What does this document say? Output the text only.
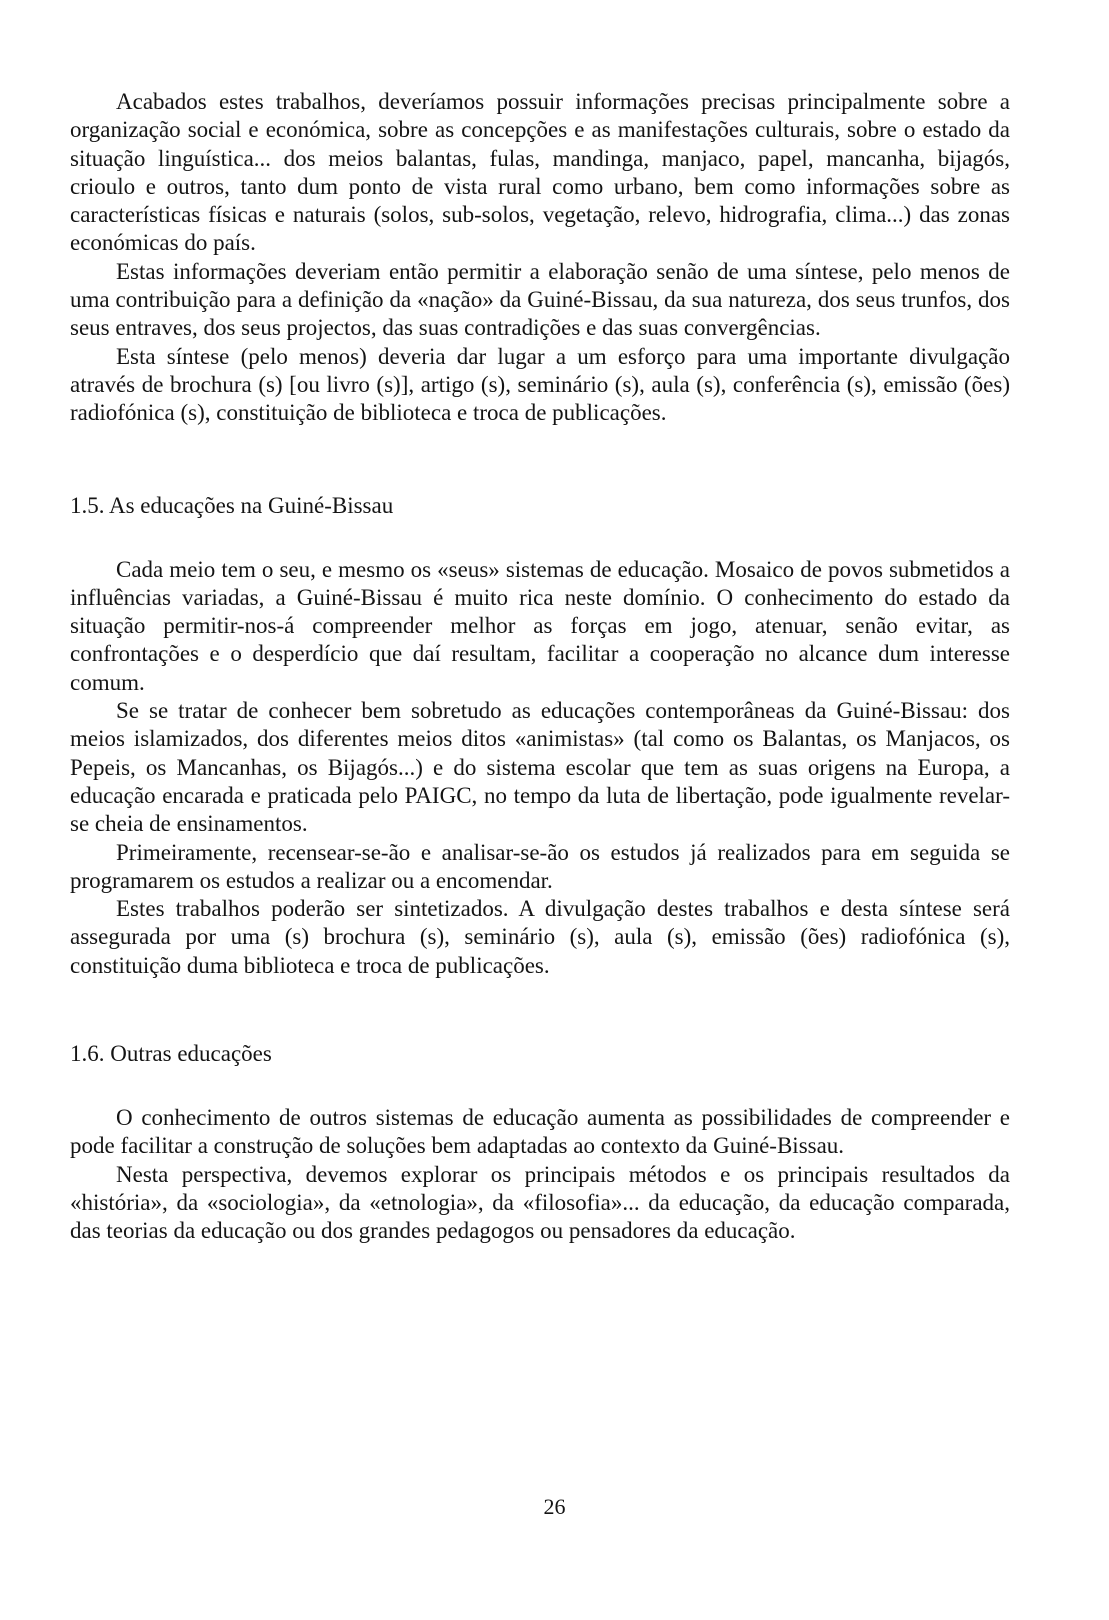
Acabados estes trabalhos, deveríamos possuir informações precisas principalmente sobre a organização social e económica, sobre as concepções e as manifestações culturais, sobre o estado da situação linguística... dos meios balantas, fulas, mandinga, manjaco, papel, mancanha, bijagós, crioulo e outros, tanto dum ponto de vista rural como urbano, bem como informações sobre as características físicas e naturais (solos, sub-solos, vegetação, relevo, hidrografia, clima...) das zonas económicas do país.

Estas informações deveriam então permitir a elaboração senão de uma síntese, pelo menos de uma contribuição para a definição da «nação» da Guiné-Bissau, da sua natureza, dos seus trunfos, dos seus entraves, dos seus projectos, das suas contradições e das suas convergências.

Esta síntese (pelo menos) deveria dar lugar a um esforço para uma importante divulgação através de brochura (s) [ou livro (s)], artigo (s), seminário (s), aula (s), conferência (s), emissão (ões) radiofónica (s), constituição de biblioteca e troca de publicações.

1.5. As educações na Guiné-Bissau

Cada meio tem o seu, e mesmo os «seus» sistemas de educação. Mosaico de povos submetidos a influências variadas, a Guiné-Bissau é muito rica neste domínio. O conhecimento do estado da situação permitir-nos-á compreender melhor as forças em jogo, atenuar, senão evitar, as confrontações e o desperdício que daí resultam, facilitar a cooperação no alcance dum interesse comum.

Se se tratar de conhecer bem sobretudo as educações contemporâneas da Guiné-Bissau: dos meios islamizados, dos diferentes meios ditos «animistas» (tal como os Balantas, os Manjacos, os Pepeis, os Mancanhas, os Bijagós...) e do sistema escolar que tem as suas origens na Europa, a educação encarada e praticada pelo PAIGC, no tempo da luta de libertação, pode igualmente revelar-se cheia de ensinamentos.

Primeiramente, recensear-se-ão e analisar-se-ão os estudos já realizados para em seguida se programarem os estudos a realizar ou a encomendar.

Estes trabalhos poderão ser sintetizados. A divulgação destes trabalhos e desta síntese será assegurada por uma (s) brochura (s), seminário (s), aula (s), emissão (ões) radiofónica (s), constituição duma biblioteca e troca de publicações.

1.6. Outras educações

O conhecimento de outros sistemas de educação aumenta as possibilidades de compreender e pode facilitar a construção de soluções bem adaptadas ao contexto da Guiné-Bissau.

Nesta perspectiva, devemos explorar os principais métodos e os principais resultados da «história», da «sociologia», da «etnologia», da «filosofia»... da educação, da educação comparada, das teorias da educação ou dos grandes pedagogos ou pensadores da educação.

26
